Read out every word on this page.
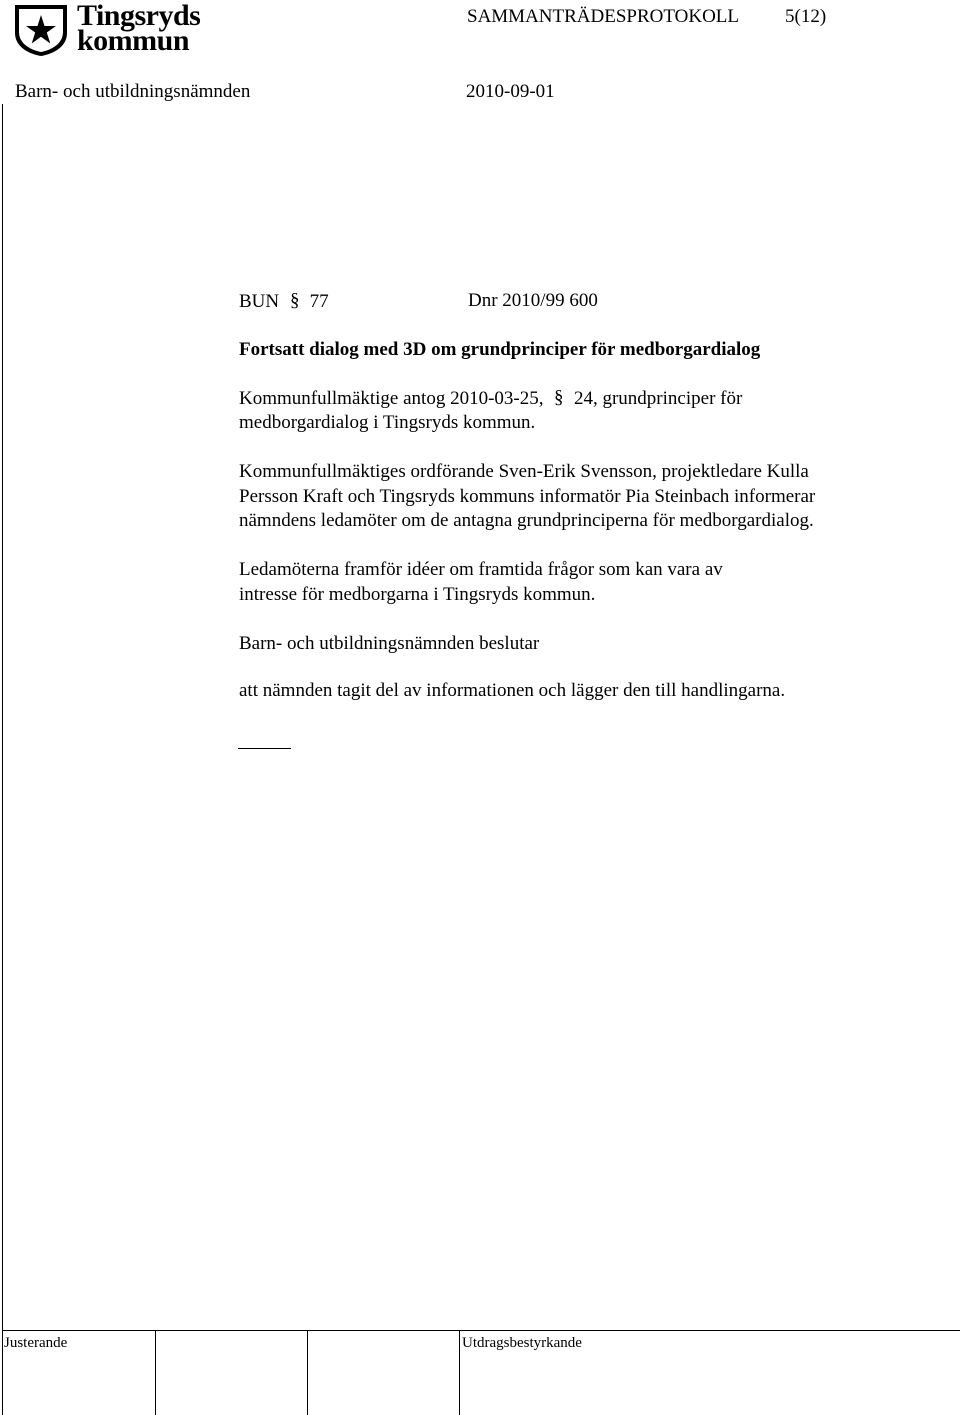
Tingsryds
kommun
SAMMANTRÄDESPROTOKOLL 5(12)
Barn- och utbildningsnämnden	2010-09-01
BUN § 77	Dnr 2010/99 600
Fortsatt dialog med 3D om grundprinciper för medborgardialog
Kommunfullmäktige antog 2010-03-25, § 24, grundprinciper för
medborgardialog i Tingsryds kommun.
Kommunfullmäktiges ordförande Sven-Erik Svensson, projektledare Kulla
Persson Kraft och Tingsryds kommuns informatör Pia Steinbach informerar
nämndens ledamöter om de antagna grundprinciperna för medborgardialog.
Ledamöterna framför idéer om framtida frågor som kan vara av
intresse för medborgarna i Tingsryds kommun.
Barn- och utbildningsnämnden beslutar
att nämnden tagit del av informationen och lägger den till handlingarna.
Justerande	Utdragsbestyrkande
